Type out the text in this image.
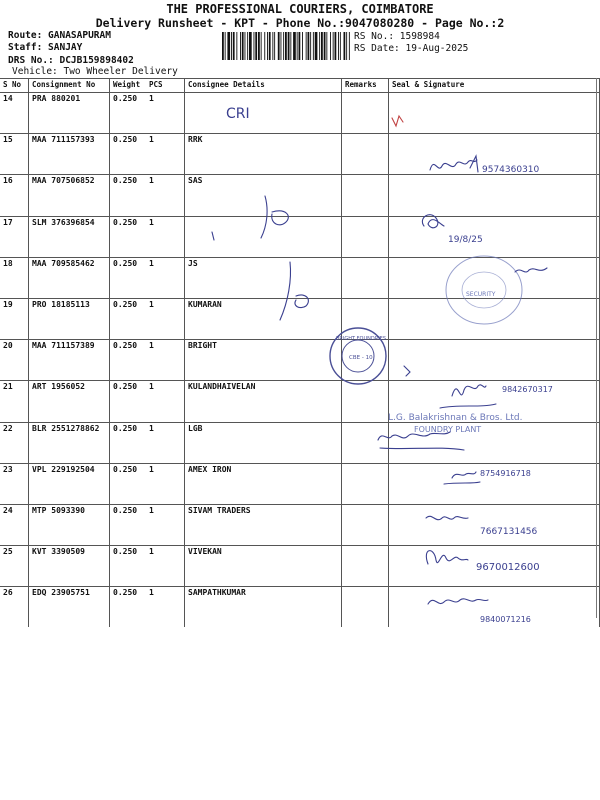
THE PROFESSIONAL COURIERS, COIMBATORE
Delivery Runsheet - KPT - Phone No.:9047080280 - Page No.:2
Route: GANASAPURAM
Staff: SANJAY
DRS No.: DCJB159898402
Vehicle: Two Wheeler Delivery
RS No.: 1598984
RS Date: 19-Aug-2025
S No	Consignment No	Weight	PCS	Consignee Details	Remarks	Seal & Signature
14	PRA 880201	0.250	1			
15	MAA 711157393	0.250	1	RRK		
16	MAA 707506852	0.250	1	SAS		
17	SLM 376396854	0.250	1			
18	MAA 709585462	0.250	1	JS		
19	PRO 18185113	0.250	1	KUMARAN		
20	MAA 711157389	0.250	1	BRIGHT		
21	ART 1956052	0.250	1	KULANDHAIVELAN		
22	BLR 2551278862	0.250	1	LGB		
23	VPL 229192504	0.250	1	AMEX IRON		
24	MTP 5093390	0.250	1	SIVAM TRADERS		
25	KVT 3390509	0.250	1	VIVEKAN		
26	EDQ 23905751	0.250	1	SAMPATHKUMAR		
CRI
9574360310
19/8/25
SECURITY
BRIGHT FOUNDRIES
CBE - 10
9842670317
L.G. Balakrishnan & Bros. Ltd.
FOUNDRY PLANT
8754916718
7667131456
9670012600
9840071216
